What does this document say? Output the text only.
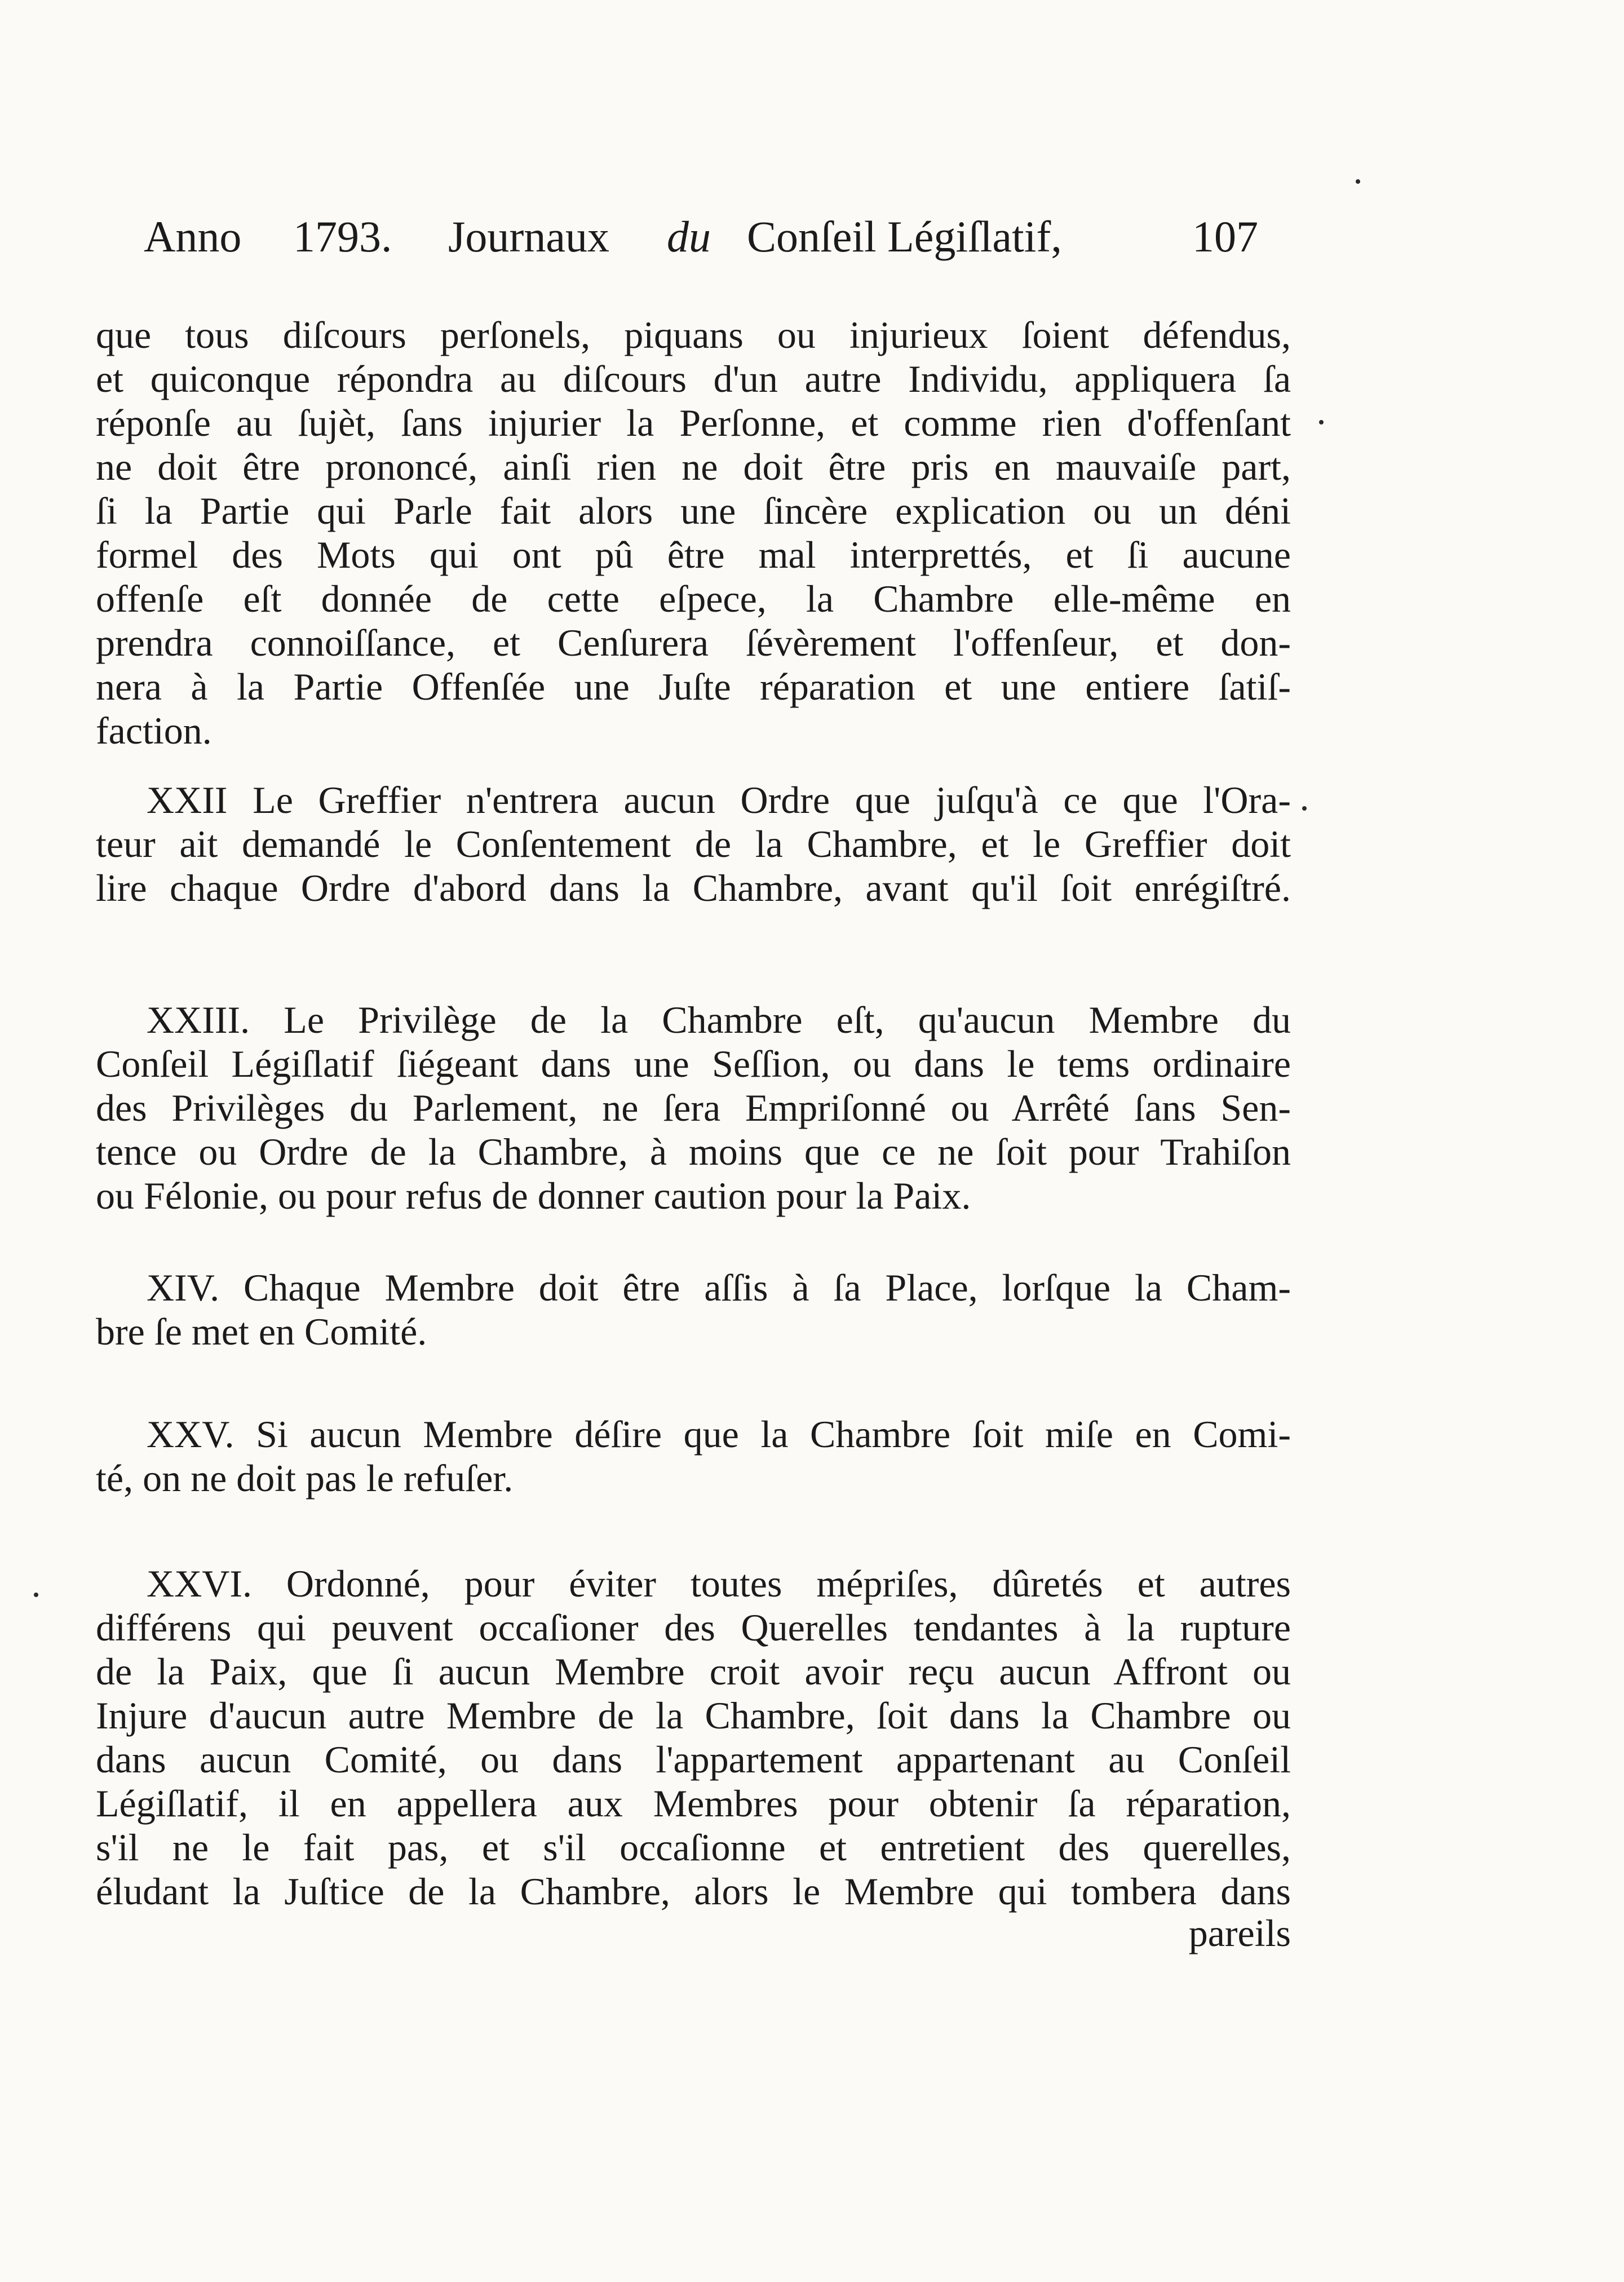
Anno 1793. Journaux du Conſeil Légiſlatif,	107
que tous diſcours perſonels, piquans ou injurieux ſoient défendus,
et quiconque répondra au diſcours d'un autre Individu, appliquera ſa
réponſe au ſujèt, ſans injurier la Perſonne, et comme rien d'offenſant
ne doit être prononcé, ainſi rien ne doit être pris en mauvaiſe part,
ſi la Partie qui Parle fait alors une ſincère explication ou un déni
formel des Mots qui ont pû être mal interprettés, et ſi aucune
offenſe eſt donnée de cette eſpece, la Chambre elle-même en
prendra connoiſſance, et Cenſurera ſévèrement l'offenſeur, et don-
nera à la Partie Offenſée une Juſte réparation et une entiere ſatiſ-
faction.
XXII Le Greffier n'entrera aucun Ordre que juſqu'à ce que l'Ora-
teur ait demandé le Conſentement de la Chambre, et le Greffier doit
lire chaque Ordre d'abord dans la Chambre, avant qu'il ſoit enrégiſtré.
XXIII. Le Privilège de la Chambre eſt, qu'aucun Membre du
Conſeil Légiſlatif ſiégeant dans une Seſſion, ou dans le tems ordinaire
des Privilèges du Parlement, ne ſera Empriſonné ou Arrêté ſans Sen-
tence ou Ordre de la Chambre, à moins que ce ne ſoit pour Trahiſon
ou Félonie, ou pour refus de donner caution pour la Paix.
XIV. Chaque Membre doit être aſſis à ſa Place, lorſque la Cham-
bre ſe met en Comité.
XXV. Si aucun Membre déſire que la Chambre ſoit miſe en Comi-
té, on ne doit pas le refuſer.
XXVI. Ordonné, pour éviter toutes mépriſes, dûretés et autres
différens qui peuvent occaſioner des Querelles tendantes à la rupture
de la Paix, que ſi aucun Membre croit avoir reçu aucun Affront ou
Injure d'aucun autre Membre de la Chambre, ſoit dans la Chambre ou
dans aucun Comité, ou dans l'appartement appartenant au Conſeil
Légiſlatif, il en appellera aux Membres pour obtenir ſa réparation,
s'il ne le fait pas, et s'il occaſionne et entretient des querelles,
éludant la Juſtice de la Chambre, alors le Membre qui tombera dans
pareils
